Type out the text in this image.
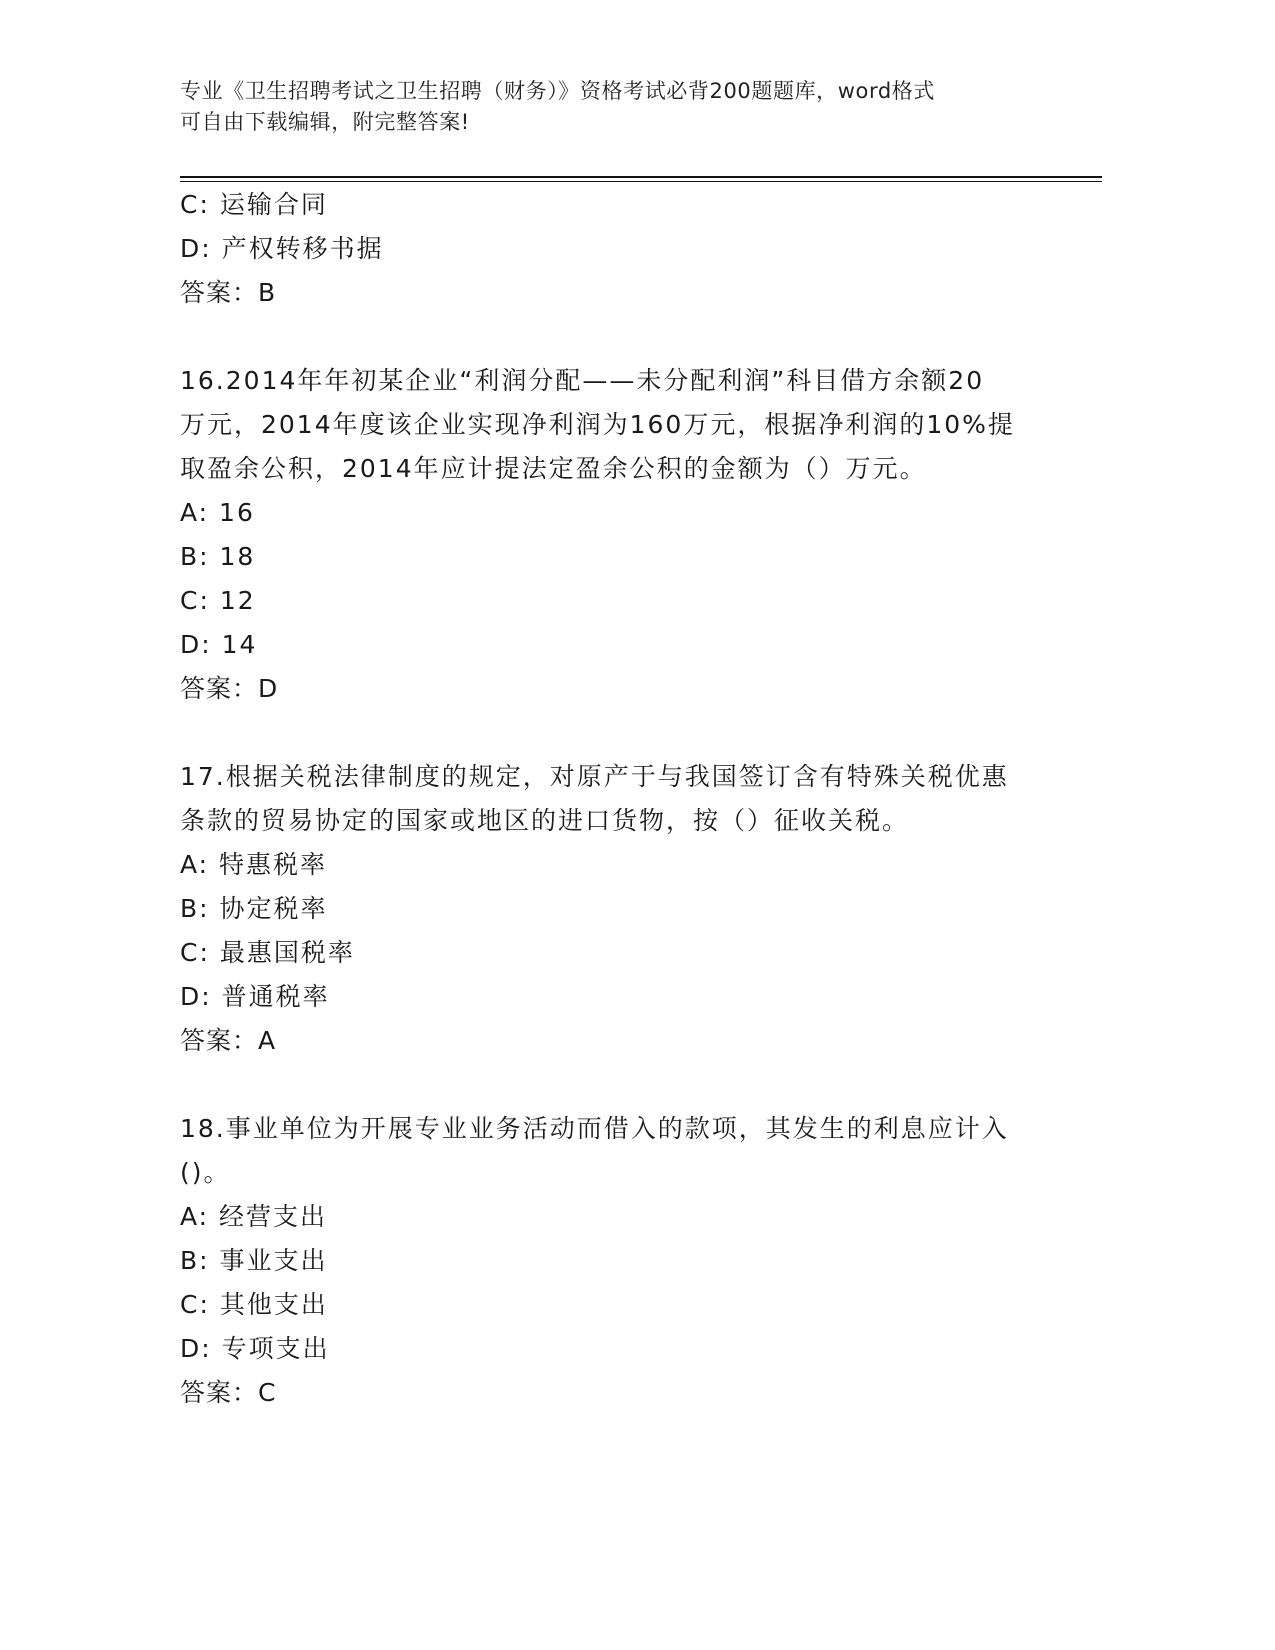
专业《卫生招聘考试之卫生招聘（财务）》资格考试必背200题题库，word格式
可自由下载编辑，附完整答案!

C: 运输合同

D: 产权转移书据

答案：B

16.2014年年初某企业“利润分配——未分配利润”科目借方余额20

万元，2014年度该企业实现净利润为160万元，根据净利润的10%提

取盈余公积，2014年应计提法定盈余公积的金额为（）万元。

A: 16

B: 18

C: 12

D: 14

答案：D

17.根据关税法律制度的规定，对原产于与我国签订含有特殊关税优惠

条款的贸易协定的国家或地区的进口货物，按（）征收关税。

A: 特惠税率

B: 协定税率

C: 最惠国税率

D: 普通税率

答案：A

18.事业单位为开展专业业务活动而借入的款项，其发生的利息应计入

()。

A: 经营支出

B: 事业支出

C: 其他支出

D: 专项支出

答案：C
